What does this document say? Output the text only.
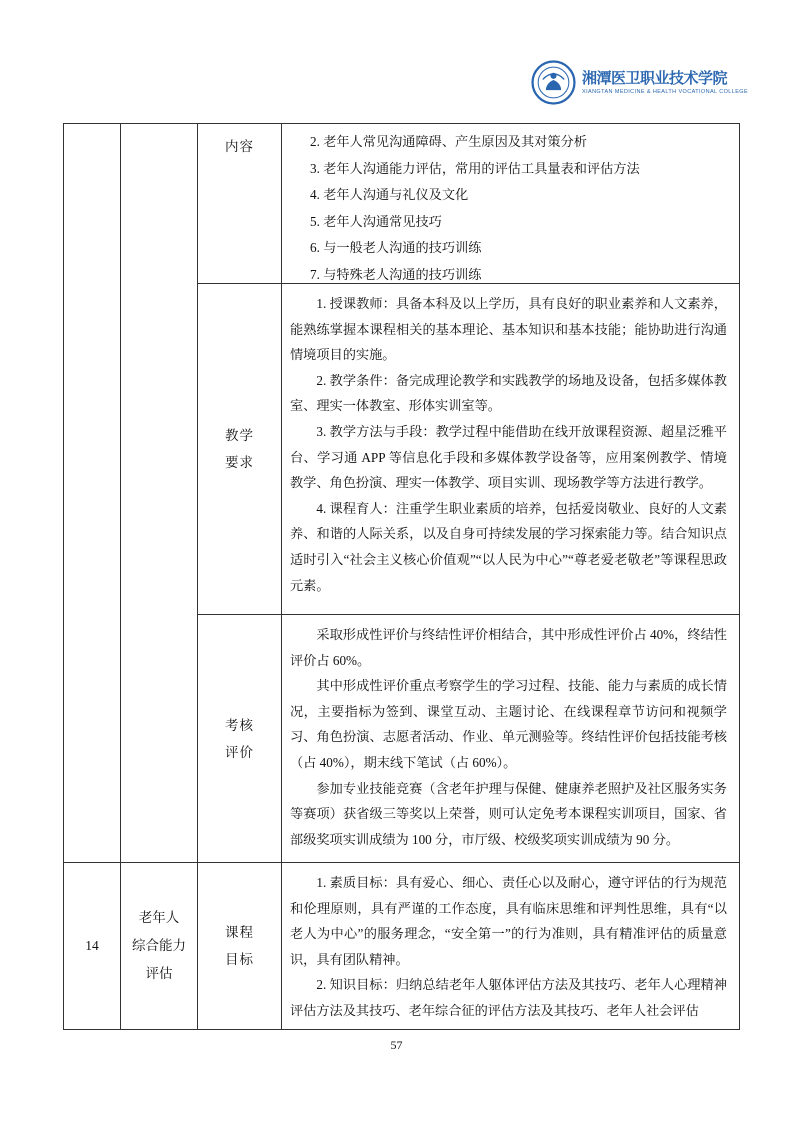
湘潭医卫职业技术学院
XIANGTAN MEDICINE & HEALTH VOCATIONAL COLLEGE
内容	2. 老年人常见沟通障碍、产生原因及其对策分析
3. 老年人沟通能力评估，常用的评估工具量表和评估方法
4. 老年人沟通与礼仪及文化
5. 老年人沟通常见技巧
6. 与一般老人沟通的技巧训练
7. 与特殊老人沟通的技巧训练
教学
要求

1. 授课教师：具备本科及以上学历，具有良好的职业素养和人文素养，能熟练掌握本课程相关的基本理论、基本知识和基本技能；能协助进行沟通情境项目的实施。

2. 教学条件：备完成理论教学和实践教学的场地及设备，包括多媒体教室、理实一体教室、形体实训室等。

3. 教学方法与手段：教学过程中能借助在线开放课程资源、超星泛雅平台、学习通 APP 等信息化手段和多媒体教学设备等，应用案例教学、情境教学、角色扮演、理实一体教学、项目实训、现场教学等方法进行教学。

4. 课程育人：注重学生职业素质的培养，包括爱岗敬业、良好的人文素养、和谐的人际关系，以及自身可持续发展的学习探索能力等。结合知识点适时引入“社会主义核心价值观”“以人民为中心”“尊老爱老敬老”等课程思政元素。

考核
评价

采取形成性评价与终结性评价相结合，其中形成性评价占 40%，终结性评价占 60%。

其中形成性评价重点考察学生的学习过程、技能、能力与素质的成长情况，主要指标为签到、课堂互动、主题讨论、在线课程章节访问和视频学习、角色扮演、志愿者活动、作业、单元测验等。终结性评价包括技能考核（占 40%），期末线下笔试（占 60%）。

参加专业技能竞赛（含老年护理与保健、健康养老照护及社区服务实务等赛项）获省级三等奖以上荣誉，则可认定免考本课程实训项目，国家、省部级奖项实训成绩为 100 分，市厅级、校级奖项实训成绩为 90 分。

14
老年人
综合能力
评估
课程
目标

1. 素质目标：具有爱心、细心、责任心以及耐心，遵守评估的行为规范和伦理原则，具有严谨的工作态度，具有临床思维和评判性思维，具有“以老人为中心”的服务理念，“安全第一”的行为准则，具有精准评估的质量意识，具有团队精神。

2. 知识目标：归纳总结老年人躯体评估方法及其技巧、老年人心理精神评估方法及其技巧、老年综合征的评估方法及其技巧、老年人社会评估

57
